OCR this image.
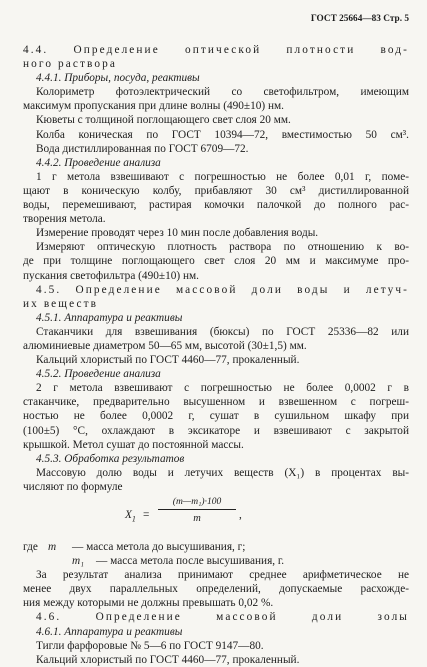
ГОСТ 25664—83 Стр. 5
4.4. Определение оптической плотности вод-
ного раствора
4.4.1. Приборы, посуда, реактивы
Колориметр фотоэлектрический со светофильтром, имеющим
максимум пропускания при длине волны (490±10) нм.
Кюветы с толщиной поглощающего свет слоя 20 мм.
Колба коническая по ГОСТ 10394—72, вместимостью 50 см³.
Вода дистиллированная по ГОСТ 6709—72.
4.4.2. Проведение анализа
1 г метола взвешивают с погрешностью не более 0,01 г, поме-
щают в коническую колбу, прибавляют 30 см³ дистиллированной
воды, перемешивают, растирая комочки палочкой до полного рас-
творения метола.
Измерение проводят через 10 мин после добавления воды.
Измеряют оптическую плотность раствора по отношению к во-
де при толщине поглощающего свет слоя 20 мм и максимуме про-
пускания светофильтра (490±10) нм.
4.5. Определение массовой доли воды и летуч-
их веществ
4.5.1. Аппаратура и реактивы
Стаканчики для взвешивания (бюксы) по ГОСТ 25336—82 или
алюминиевые диаметром 50—65 мм, высотой (30±1,5) мм.
Кальций хлористый по ГОСТ 4460—77, прокаленный.
4.5.2. Проведение анализа
2 г метола взвешивают с погрешностью не более 0,0002 г в
стаканчике, предварительно высушенном и взвешенном с погреш-
ностью не более 0,0002 г, сушат в сушильном шкафу при
(100±5) °С, охлаждают в эксикаторе и взвешивают с закрытой
крышкой. Метол сушат до постоянной массы.
4.5.3. Обработка результатов
Массовую долю воды и летучих веществ (X₁) в процентах вы-
числяют по формуле
$X_1 = \frac{\text{(m—m₁)·100}}{m}$ ,
где m — масса метола до высушивания, г;
m₁ — масса метола после высушивания, г.
За результат анализа принимают среднее арифметическое не
менее двух параллельных определений, допускаемые расхожде-
ния между которыми не должны превышать 0,02 %.
4.6. Определение массовой доли золы
4.6.1. Аппаратура и реактивы
Тигли фарфоровые № 5—6 по ГОСТ 9147—80.
Кальций хлористый по ГОСТ 4460—77, прокаленный.
